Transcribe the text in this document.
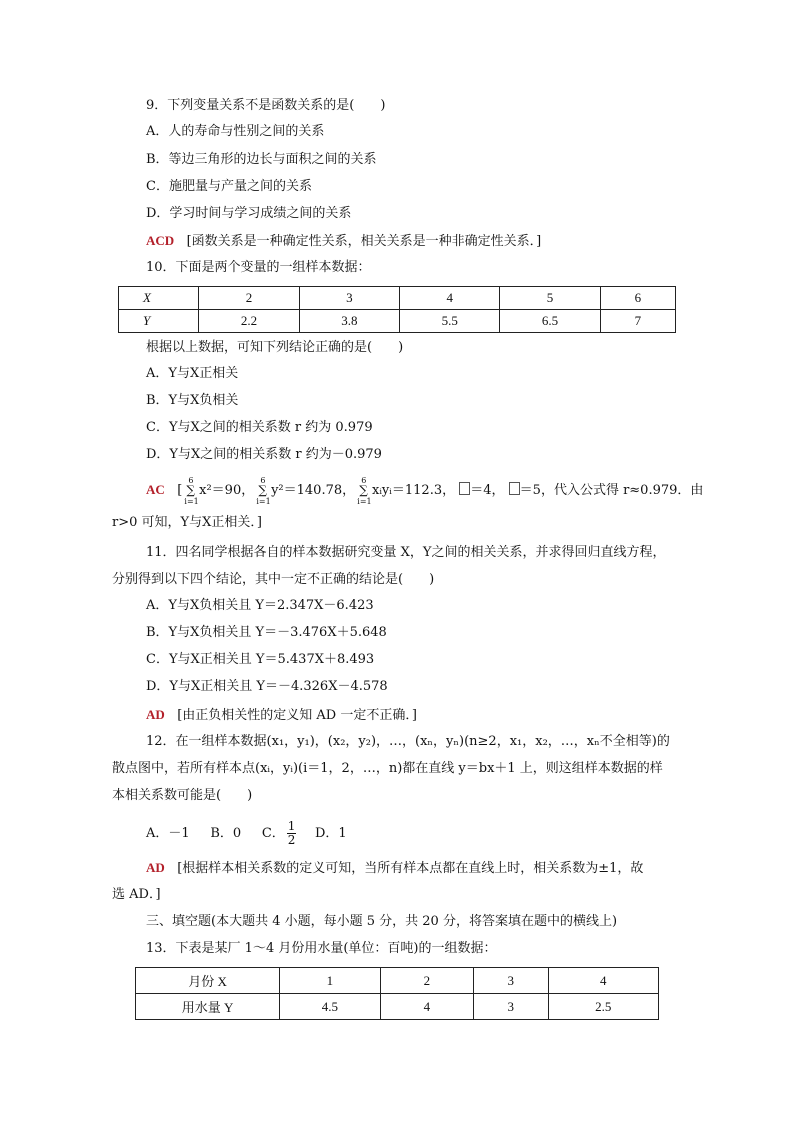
9．下列变量关系不是函数关系的是(　　)
A．人的寿命与性别之间的关系
B．等边三角形的边长与面积之间的关系
C．施肥量与产量之间的关系
D．学习时间与学习成绩之间的关系
ACD [函数关系是一种确定性关系，相关关系是一种非确定性关系．]
10．下面是两个变量的一组样本数据：
X	2	3	4	5	6
Y	2.2	3.8	5.5	6.5	7
根据以上数据，可知下列结论正确的是(　　)
A．Y与X正相关
B．Y与X负相关
C．Y与X之间的相关系数 r 约为 0.979
D．Y与X之间的相关系数 r 约为－0.979
AC [ ∑
6
i=1
x²＝90， ∑
6
i=1
y²＝140.78， ∑
6
i=1
xᵢyᵢ＝112.3， ＝4， ＝5，代入公式得 r≈0.979．由
r>0 可知，Y与X正相关．]
11．四名同学根据各自的样本数据研究变量 X，Y之间的相关关系，并求得回归直线方程，
分别得到以下四个结论，其中一定不正确的结论是(　　)
A．Y与X负相关且 Y＝2.347X－6.423
B．Y与X负相关且 Y＝－3.476X＋5.648
C．Y与X正相关且 Y＝5.437X＋8.493
D．Y与X正相关且 Y＝－4.326X－4.578
AD [由正负相关性的定义知 AD 一定不正确．]
12．在一组样本数据(x₁，y₁)，(x₂，y₂)，…，(xₙ，yₙ)(n≥2，x₁，x₂，…，xₙ不全相等)的
散点图中，若所有样本点(xᵢ，yᵢ)(i＝1，2，…，n)都在直线 y＝bx＋1 上，则这组样本数据的样
本相关系数可能是(　　)
A．－1 B．0 C． $\frac{1}{2}$ D．1
AD [根据样本相关系数的定义可知，当所有样本点都在直线上时，相关系数为±1，故
选 AD．]
三、填空题(本大题共 4 小题，每小题 5 分，共 20 分，将答案填在题中的横线上)
13．下表是某厂 1～4 月份用水量(单位：百吨)的一组数据：
月份 X	1	2	3	4
用水量 Y	4.5	4	3	2.5
